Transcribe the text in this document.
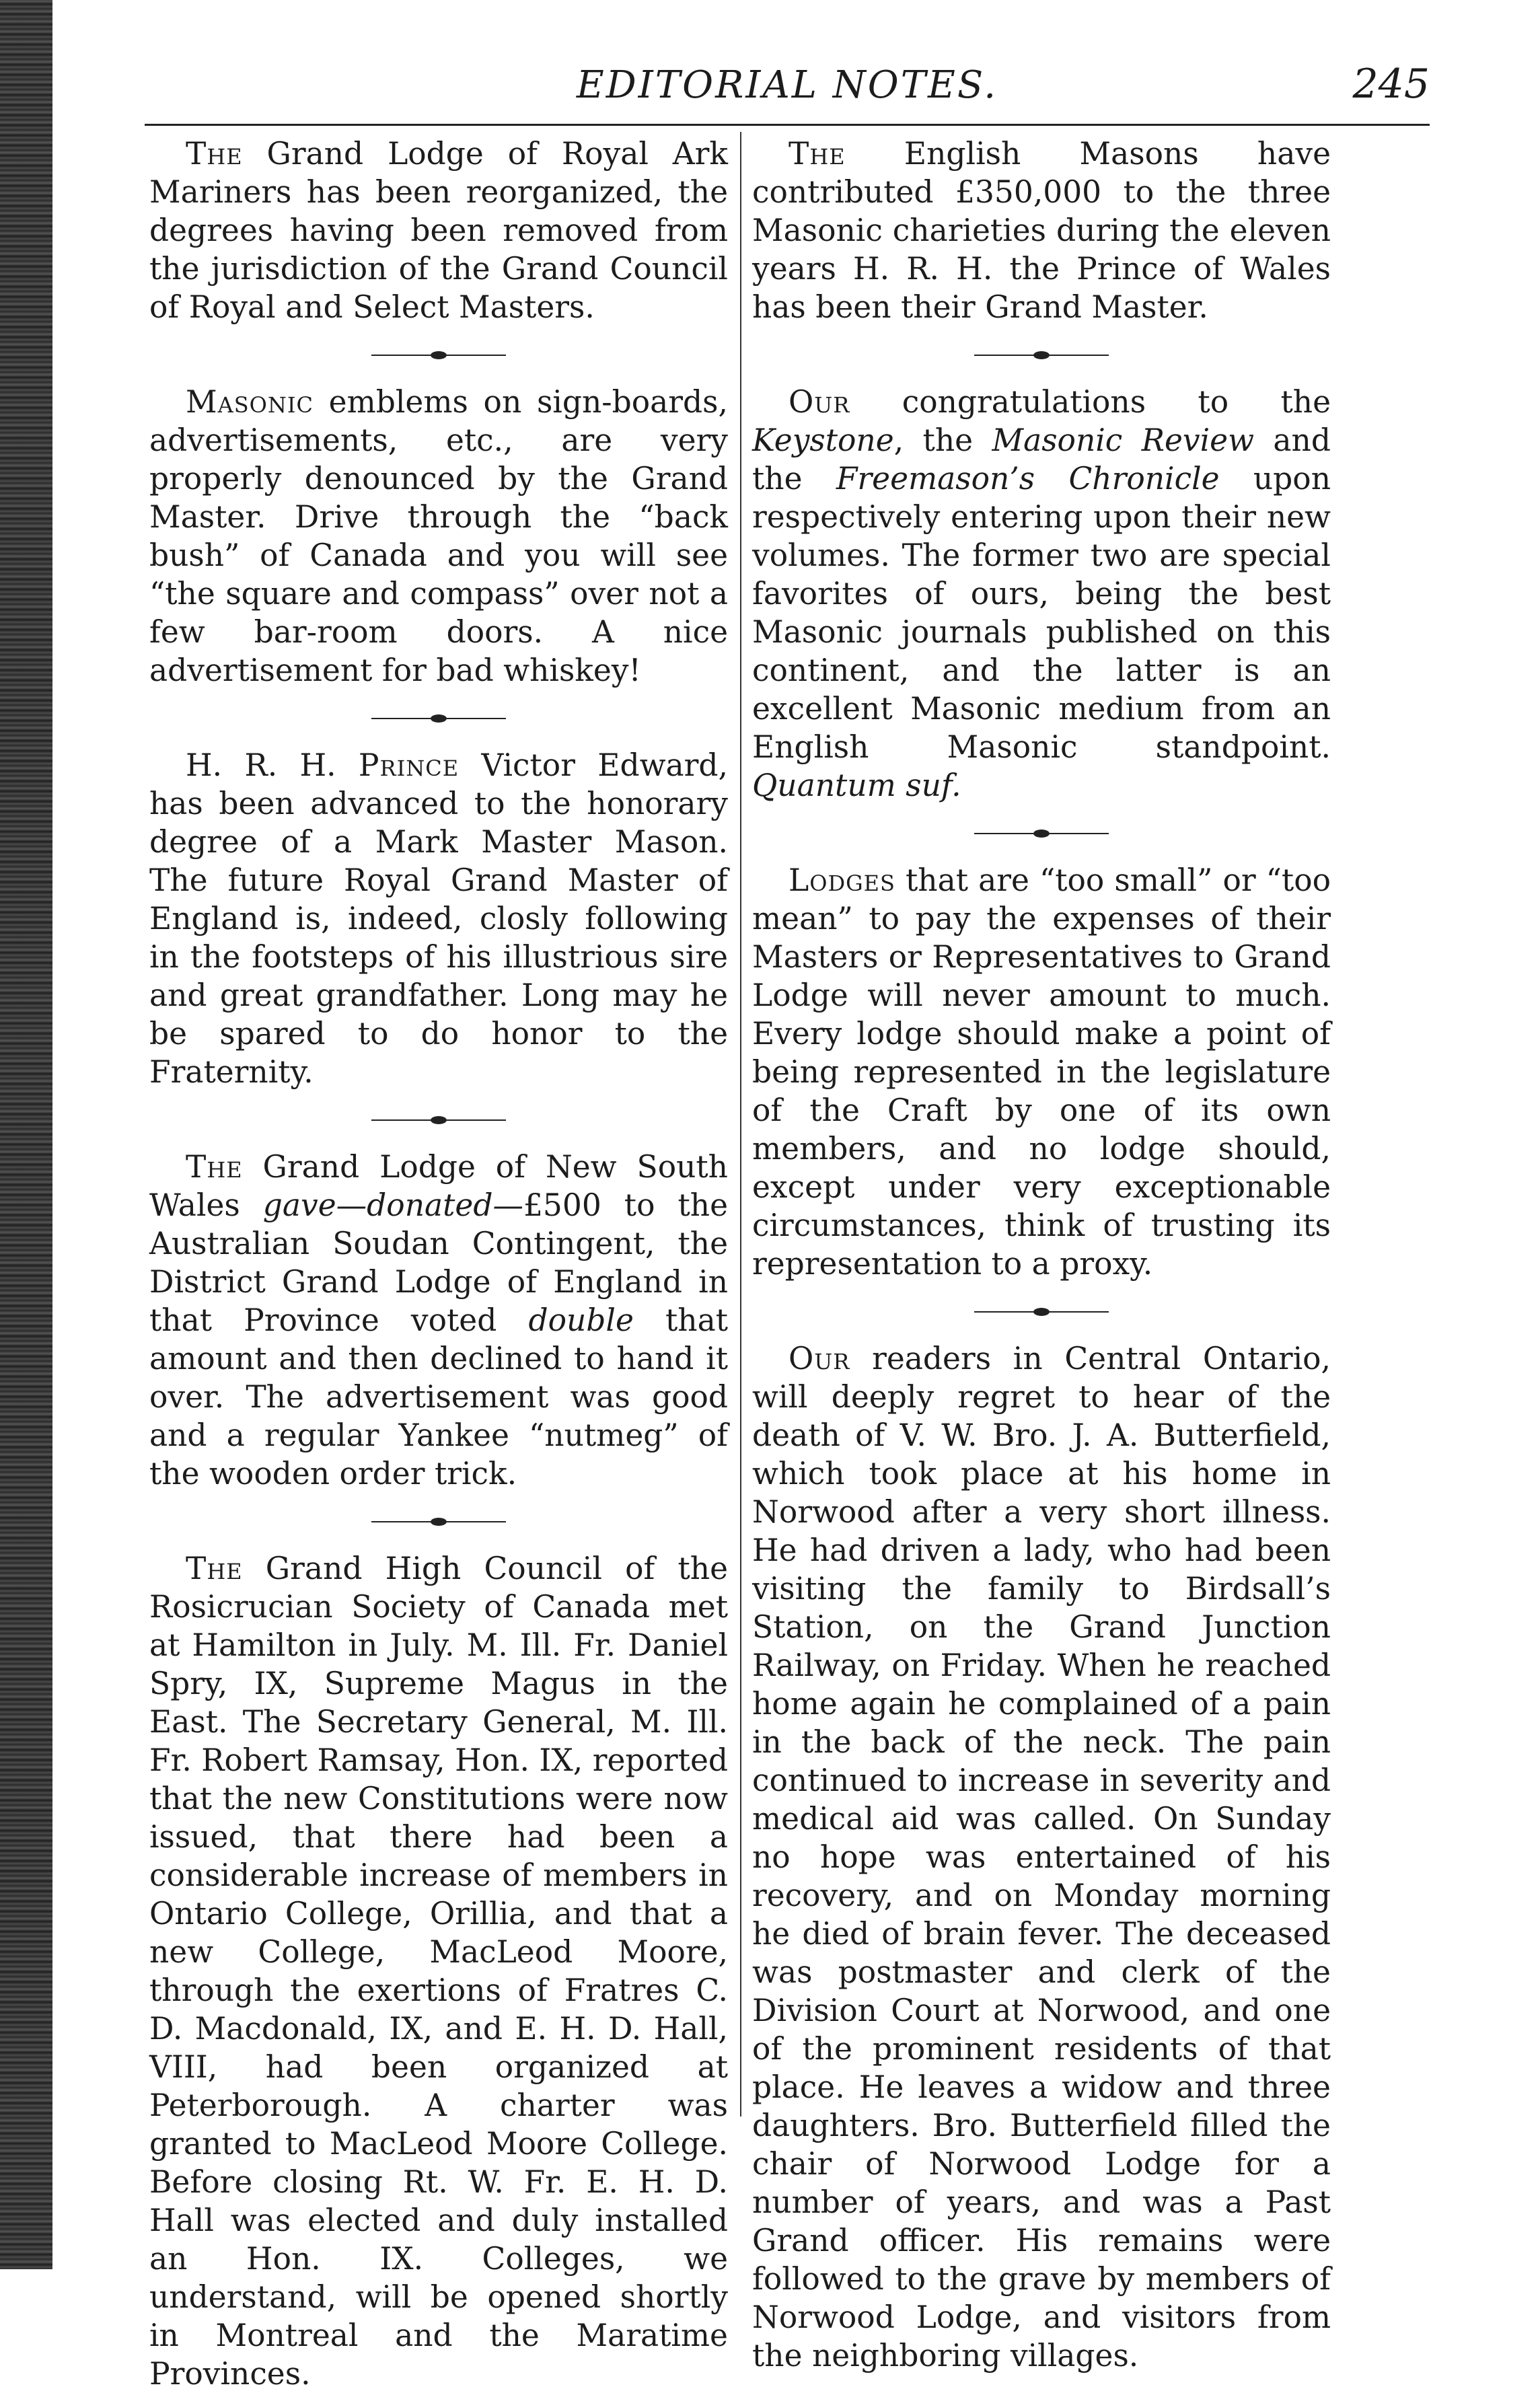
EDITORIAL NOTES.	245

The Grand Lodge of Royal Ark Mariners has been reorganized, the degrees having been removed from the jurisdiction of the Grand Council of Royal and Select Masters.

Masonic emblems on sign-boards, advertisements, etc., are very properly denounced by the Grand Master. Drive through the “back bush” of Canada and you will see “the square and compass” over not a few bar-room doors. A nice advertisement for bad whiskey!

H. R. H. Prince Victor Edward, has been advanced to the honorary degree of a Mark Master Mason. The future Royal Grand Master of England is, indeed, closly following in the footsteps of his illustrious sire and great grandfather. Long may he be spared to do honor to the Fraternity.

The Grand Lodge of New South Wales gave—donated—£500 to the Australian Soudan Contingent, the District Grand Lodge of England in that Province voted double that amount and then declined to hand it over. The advertisement was good and a regular Yankee “nutmeg” of the wooden order trick.

The Grand High Council of the Rosicrucian Society of Canada met at Hamilton in July. M. Ill. Fr. Daniel Spry, IX, Supreme Magus in the East. The Secretary General, M. Ill. Fr. Robert Ramsay, Hon. IX, reported that the new Constitutions were now issued, that there had been a considerable increase of members in Ontario College, Orillia, and that a new College, MacLeod Moore, through the exertions of Fratres C. D. Macdonald, IX, and E. H. D. Hall, VIII, had been organized at Peterborough. A charter was granted to MacLeod Moore College. Before closing Rt. W. Fr. E. H. D. Hall was elected and duly installed an Hon. IX. Colleges, we understand, will be opened shortly in Montreal and the Maratime Provinces.

The English Masons have contributed £350,000 to the three Masonic charieties during the eleven years H. R. H. the Prince of Wales has been their Grand Master.

Our congratulations to the Keystone, the Masonic Review and the Freemason’s Chronicle upon respectively entering upon their new volumes. The former two are special favorites of ours, being the best Masonic journals published on this continent, and the latter is an excellent Masonic medium from an English Masonic standpoint. Quantum suf.

Lodges that are “too small” or “too mean” to pay the expenses of their Masters or Representatives to Grand Lodge will never amount to much. Every lodge should make a point of being represented in the legislature of the Craft by one of its own members, and no lodge should, except under very exceptionable circumstances, think of trusting its representation to a proxy.

Our readers in Central Ontario, will deeply regret to hear of the death of V. W. Bro. J. A. Butterfield, which took place at his home in Norwood after a very short illness. He had driven a lady, who had been visiting the family to Birdsall’s Station, on the Grand Junction Railway, on Friday. When he reached home again he complained of a pain in the back of the neck. The pain continued to increase in severity and medical aid was called. On Sunday no hope was entertained of his recovery, and on Monday morning he died of brain fever. The deceased was postmaster and clerk of the Division Court at Norwood, and one of the prominent residents of that place. He leaves a widow and three daughters. Bro. Butterfield filled the chair of Norwood Lodge for a number of years, and was a Past Grand officer. His remains were followed to the grave by members of Norwood Lodge, and visitors from the neighboring villages.
